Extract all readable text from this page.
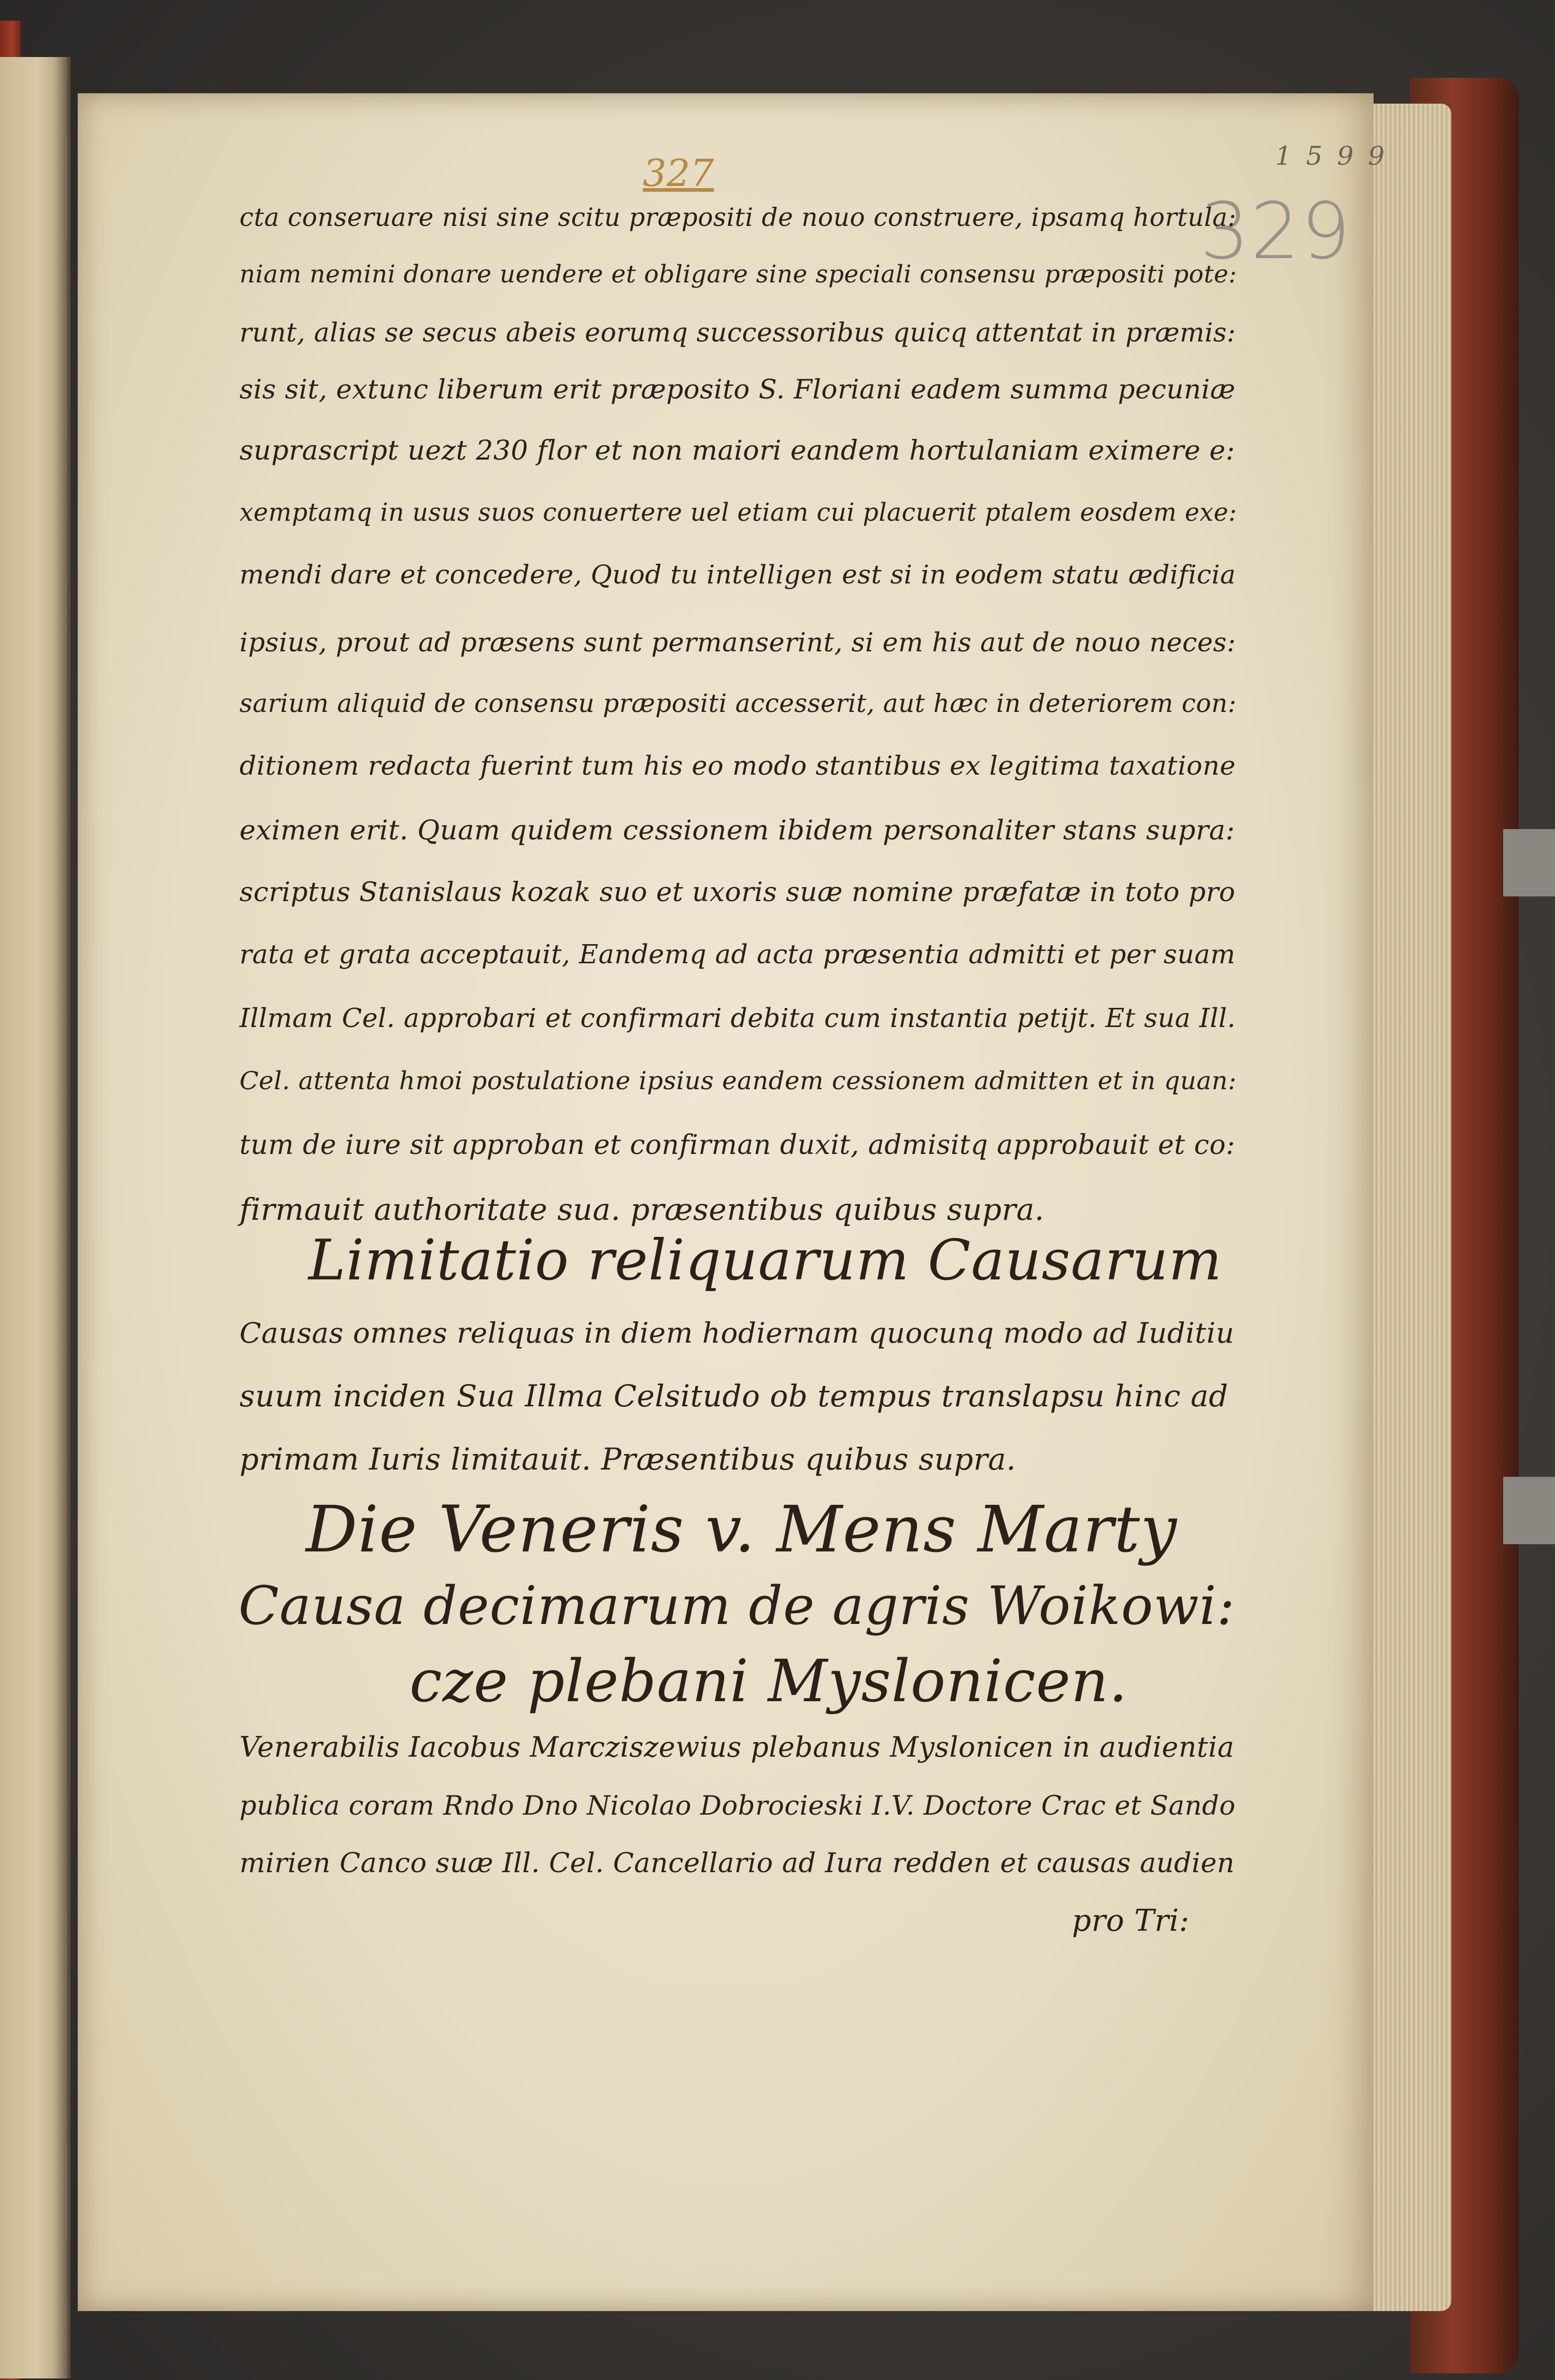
327	1599
329
cta conseruare nisi sine scitu præpositi de nouo construere, ipsamq hortula:
niam nemini donare uendere et obligare sine speciali consensu præpositi pote:
runt, alias se secus abeis eorumq successoribus quicq attentat in præmis:
sis sit, extunc liberum erit præposito S. Floriani eadem summa pecuniæ
suprascript uezt 230 flor et non maiori eandem hortulaniam eximere e:
xemptamq in usus suos conuertere uel etiam cui placuerit ptalem eosdem exe:
mendi dare et concedere, Quod tu intelligen est si in eodem statu ædificia
ipsius, prout ad præsens sunt permanserint, si em his aut de nouo neces:
sarium aliquid de consensu præpositi accesserit, aut hæc in deteriorem con:
ditionem redacta fuerint tum his eo modo stantibus ex legitima taxatione
eximen erit. Quam quidem cessionem ibidem personaliter stans supra:
scriptus Stanislaus kozak suo et uxoris suæ nomine præfatæ in toto pro
rata et grata acceptauit, Eandemq ad acta præsentia admitti et per suam
Illmam Cel. approbari et confirmari debita cum instantia petijt. Et sua Ill.
Cel. attenta hmoi postulatione ipsius eandem cessionem admitten et in quan:
tum de iure sit approban et confirman duxit, admisitq approbauit et co:
firmauit authoritate sua. præsentibus quibus supra.
Limitatio reliquarum Causarum
Causas omnes reliquas in diem hodiernam quocunq modo ad Iuditiu
suum inciden Sua Illma Celsitudo ob tempus translapsu hinc ad
primam Iuris limitauit. Præsentibus quibus supra.
Die Veneris v. Mens Marty
Causa decimarum de agris Woikowi:
cze plebani Myslonicen.
Venerabilis Iacobus Marcziszewius plebanus Myslonicen in audientia
publica coram Rndo Dno Nicolao Dobrocieski I.V. Doctore Crac et Sando
mirien Canco suæ Ill. Cel. Cancellario ad Iura redden et causas audien
pro Tri:
